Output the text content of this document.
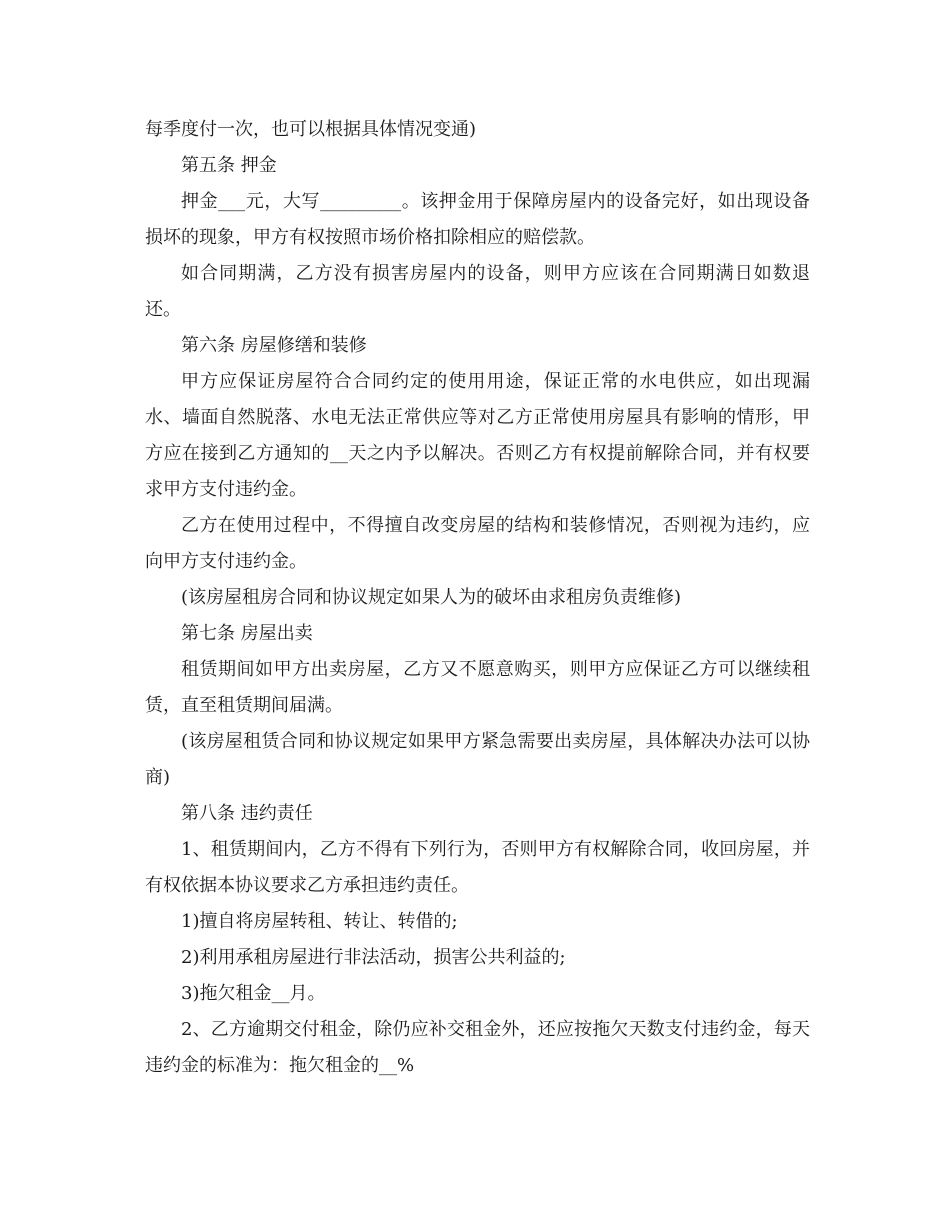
每季度付一次，也可以根据具体情况变通)

第五条 押金

押金___元，大写_________。该押金用于保障房屋内的设备完好，如出现设备损坏的现象，甲方有权按照市场价格扣除相应的赔偿款。

如合同期满，乙方没有损害房屋内的设备，则甲方应该在合同期满日如数退还。

第六条 房屋修缮和装修

甲方应保证房屋符合合同约定的使用用途，保证正常的水电供应，如出现漏水、墙面自然脱落、水电无法正常供应等对乙方正常使用房屋具有影响的情形，甲方应在接到乙方通知的__天之内予以解决。否则乙方有权提前解除合同，并有权要求甲方支付违约金。

乙方在使用过程中，不得擅自改变房屋的结构和装修情况，否则视为违约，应向甲方支付违约金。

(该房屋租房合同和协议规定如果人为的破坏由求租房负责维修)

第七条 房屋出卖

租赁期间如甲方出卖房屋，乙方又不愿意购买，则甲方应保证乙方可以继续租赁，直至租赁期间届满。

(该房屋租赁合同和协议规定如果甲方紧急需要出卖房屋，具体解决办法可以协商)

第八条 违约责任

1、租赁期间内，乙方不得有下列行为，否则甲方有权解除合同，收回房屋，并有权依据本协议要求乙方承担违约责任。

1)擅自将房屋转租、转让、转借的;

2)利用承租房屋进行非法活动，损害公共利益的;

3)拖欠租金__月。

2、乙方逾期交付租金，除仍应补交租金外，还应按拖欠天数支付违约金，每天违约金的标准为：拖欠租金的__%
